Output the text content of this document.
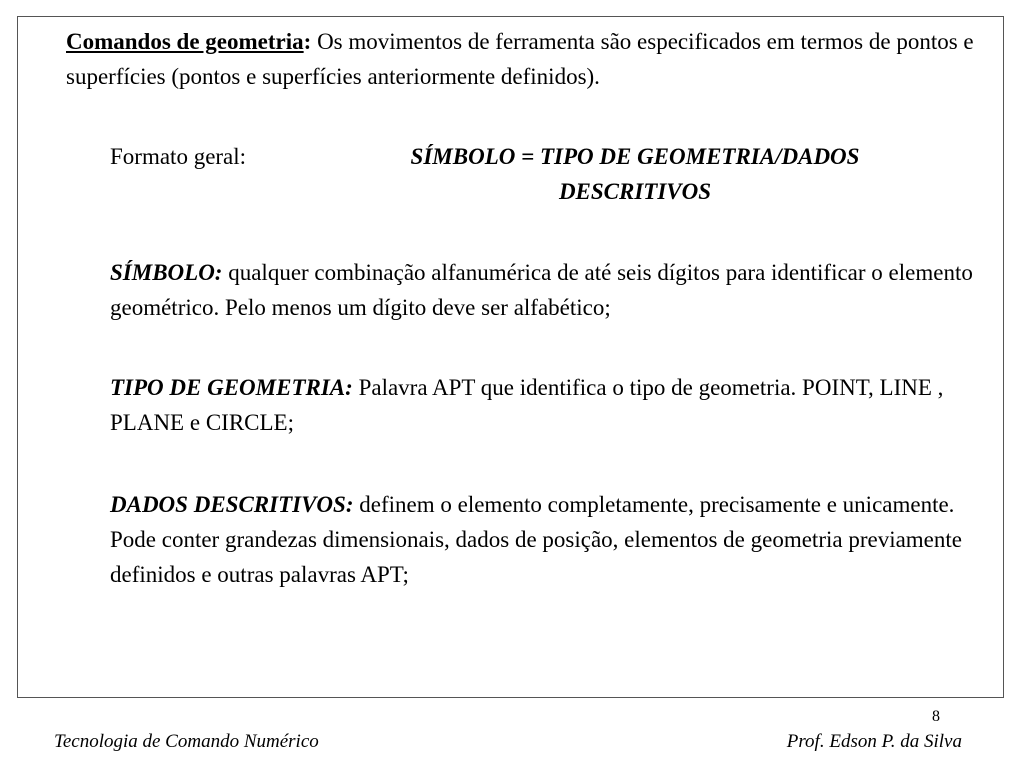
Comandos de geometria: Os movimentos de ferramenta são especificados em termos de pontos e superfícies (pontos e superfícies anteriormente definidos).

Formato geral:	SÍMBOLO = TIPO DE GEOMETRIA/DADOS DESCRITIVOS

SÍMBOLO: qualquer combinação alfanumérica de até seis dígitos para identificar o elemento geométrico. Pelo menos um dígito deve ser alfabético;

TIPO DE GEOMETRIA: Palavra APT que identifica o tipo de geometria. POINT, LINE , PLANE e CIRCLE;

DADOS DESCRITIVOS: definem o elemento completamente, precisamente e unicamente. Pode conter grandezas dimensionais, dados de posição, elementos de geometria previamente definidos e outras palavras APT;

8
Tecnologia de Comando Numérico	Prof. Edson P. da Silva
